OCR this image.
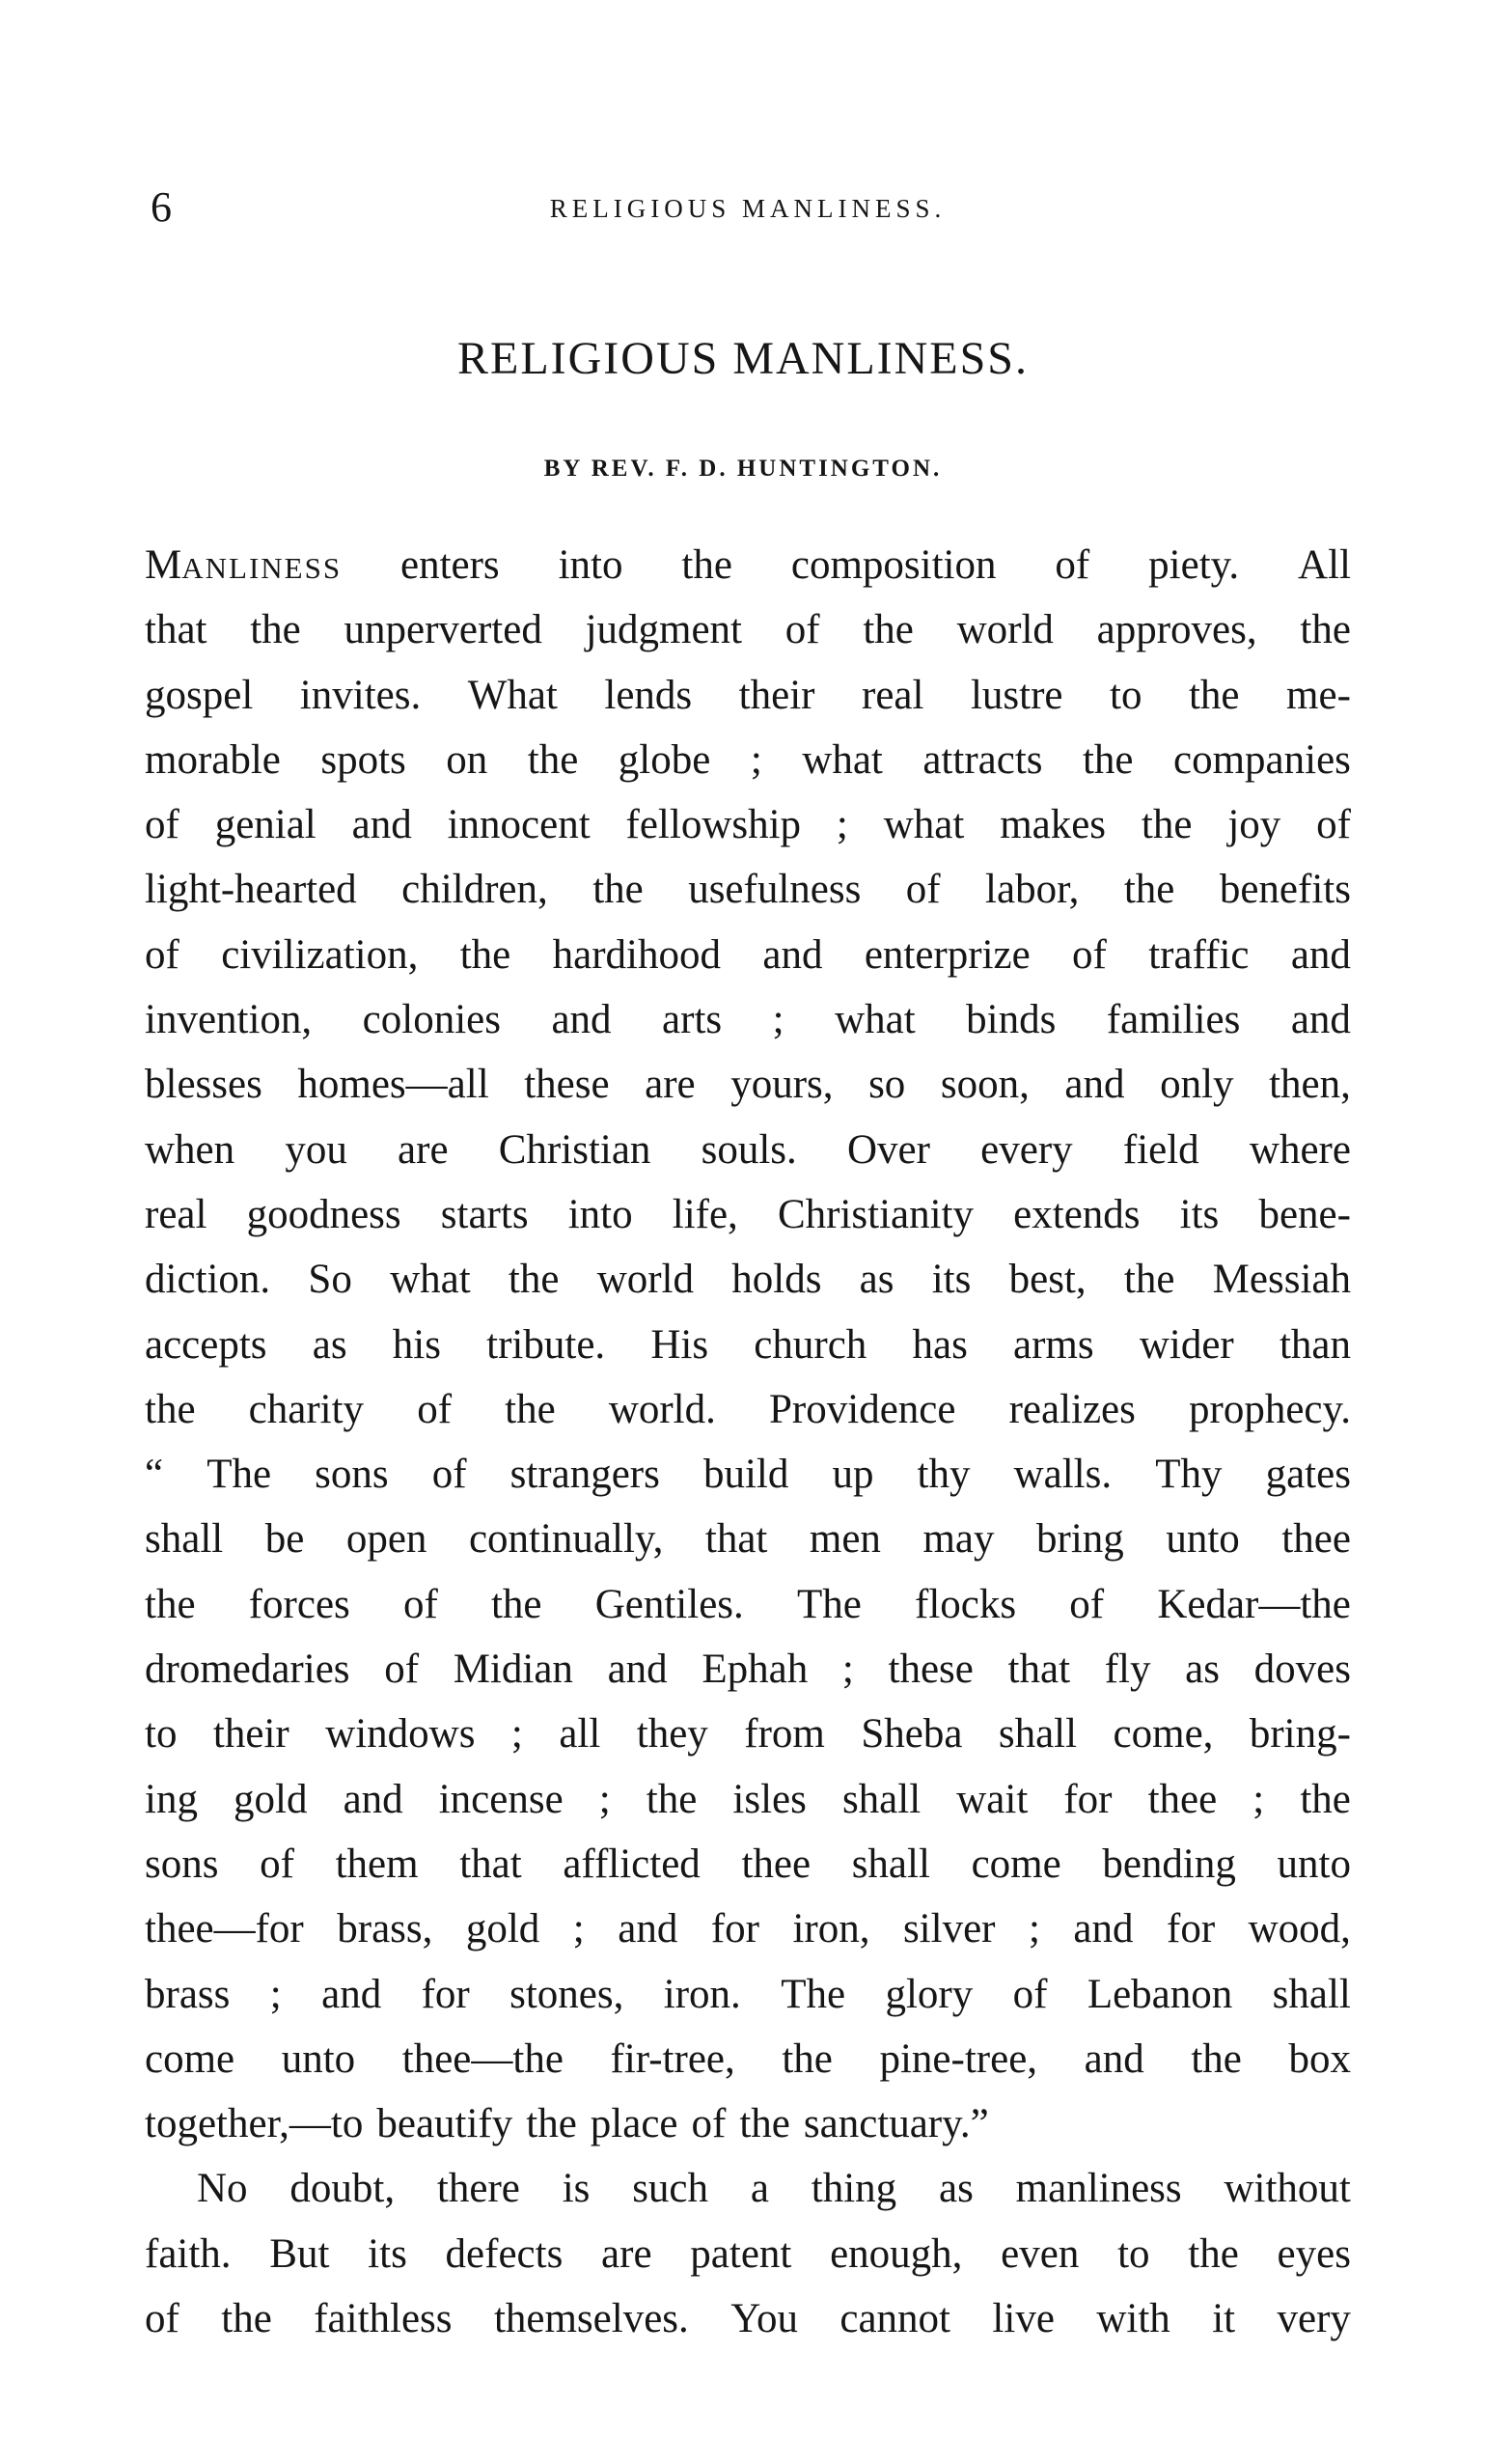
6	RELIGIOUS MANLINESS.
RELIGIOUS MANLINESS.
BY REV. F. D. HUNTINGTON.
MANLINESS enters into the composition of piety. All
that the unperverted judgment of the world approves, the
gospel invites. What lends their real lustre to the me-
morable spots on the globe ; what attracts the companies
of genial and innocent fellowship ; what makes the joy of
light-hearted children, the usefulness of labor, the benefits
of civilization, the hardihood and enterprize of traffic and
invention, colonies and arts ; what binds families and
blesses homes—all these are yours, so soon, and only then,
when you are Christian souls. Over every field where
real goodness starts into life, Christianity extends its bene-
diction. So what the world holds as its best, the Messiah
accepts as his tribute. His church has arms wider than
the charity of the world. Providence realizes prophecy.
“ The sons of strangers build up thy walls. Thy gates
shall be open continually, that men may bring unto thee
the forces of the Gentiles. The flocks of Kedar—the
dromedaries of Midian and Ephah ; these that fly as doves
to their windows ; all they from Sheba shall come, bring-
ing gold and incense ; the isles shall wait for thee ; the
sons of them that afflicted thee shall come bending unto
thee—for brass, gold ; and for iron, silver ; and for wood,
brass ; and for stones, iron. The glory of Lebanon shall
come unto thee—the fir-tree, the pine-tree, and the box
together,—to beautify the place of the sanctuary.”
No doubt, there is such a thing as manliness without
faith. But its defects are patent enough, even to the eyes
of the faithless themselves. You cannot live with it very
